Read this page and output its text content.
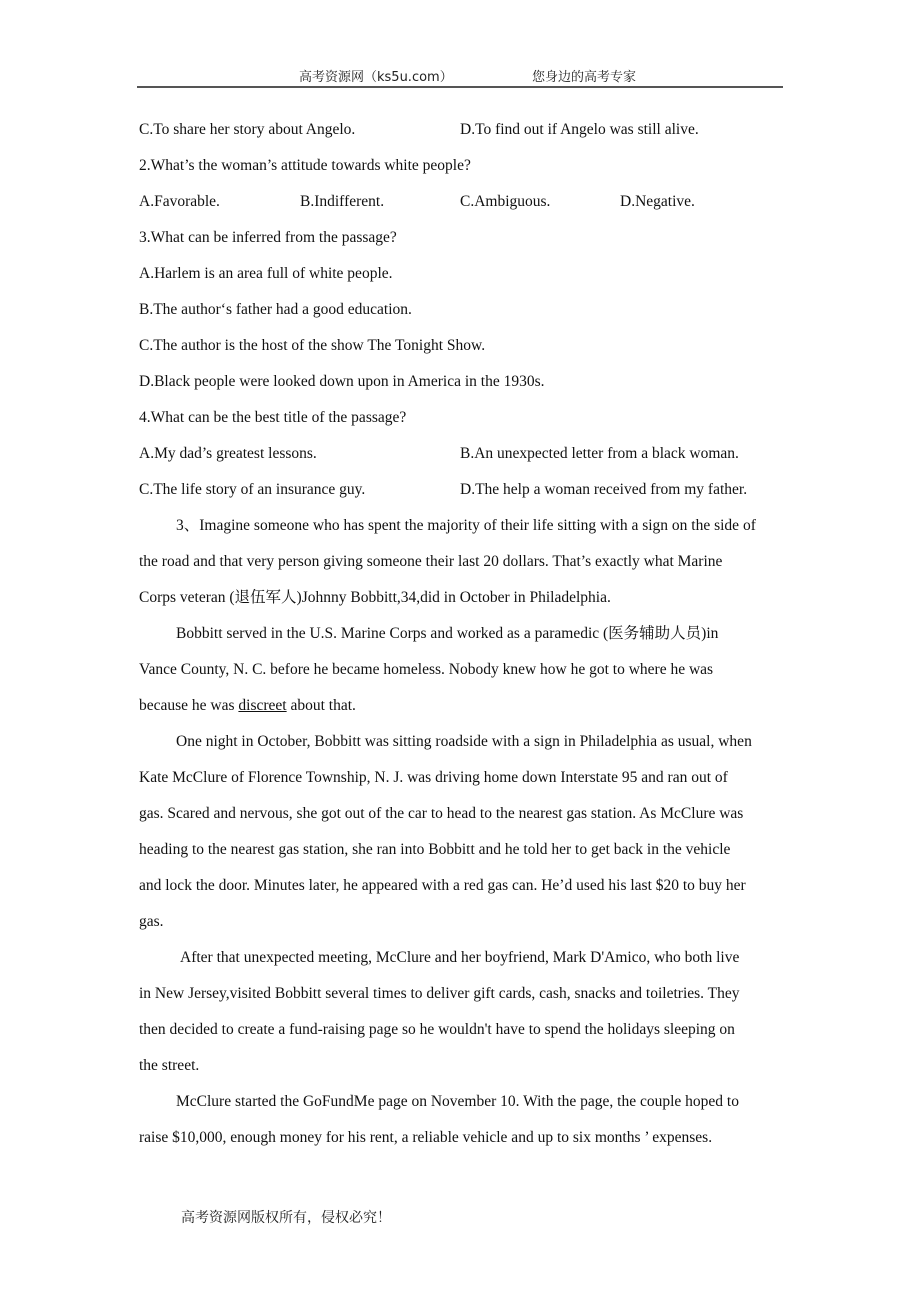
高考资源网（ks5u.com）	您身边的高考专家
C.To share her story about Angelo.	D.To find out if Angelo was still alive.
2.What’s the woman’s attitude towards white people?
A.Favorable.	B.Indifferent.	C.Ambiguous.	D.Negative.
3.What can be inferred from the passage?
A.Harlem is an area full of white people.
B.The author‘s father had a good education.
C.The author is the host of the show The Tonight Show.
D.Black people were looked down upon in America in the 1930s.
4.What can be the best title of the passage?
A.My dad’s greatest lessons.	B.An unexpected letter from a black woman.
C.The life story of an insurance guy.	D.The help a woman received from my father.
3、Imagine someone who has spent the majority of their life sitting with a sign on the side of
the road and that very person giving someone their last 20 dollars. That’s exactly what Marine
Corps veteran (退伍军人)Johnny Bobbitt,34,did in October in Philadelphia.
Bobbitt served in the U.S. Marine Corps and worked as a paramedic (医务辅助人员)in
Vance County, N. C. before he became homeless. Nobody knew how he got to where he was
because he was discreet about that.
One night in October, Bobbitt was sitting roadside with a sign in Philadelphia as usual, when
Kate McClure of Florence Township, N. J. was driving home down Interstate 95 and ran out of
gas. Scared and nervous, she got out of the car to head to the nearest gas station. As McClure was
heading to the nearest gas station, she ran into Bobbitt and he told her to get back in the vehicle
and lock the door. Minutes later, he appeared with a red gas can. He’d used his last $20 to buy her
gas.
After that unexpected meeting, McClure and her boyfriend, Mark D'Amico, who both live
in New Jersey,visited Bobbitt several times to deliver gift cards, cash, snacks and toiletries. They
then decided to create a fund-raising page so he wouldn't have to spend the holidays sleeping on
the street.
McClure started the GoFundMe page on November 10. With the page, the couple hoped to
raise $10,000, enough money for his rent, a reliable vehicle and up to six months ’ expenses.
高考资源网版权所有，侵权必究！
